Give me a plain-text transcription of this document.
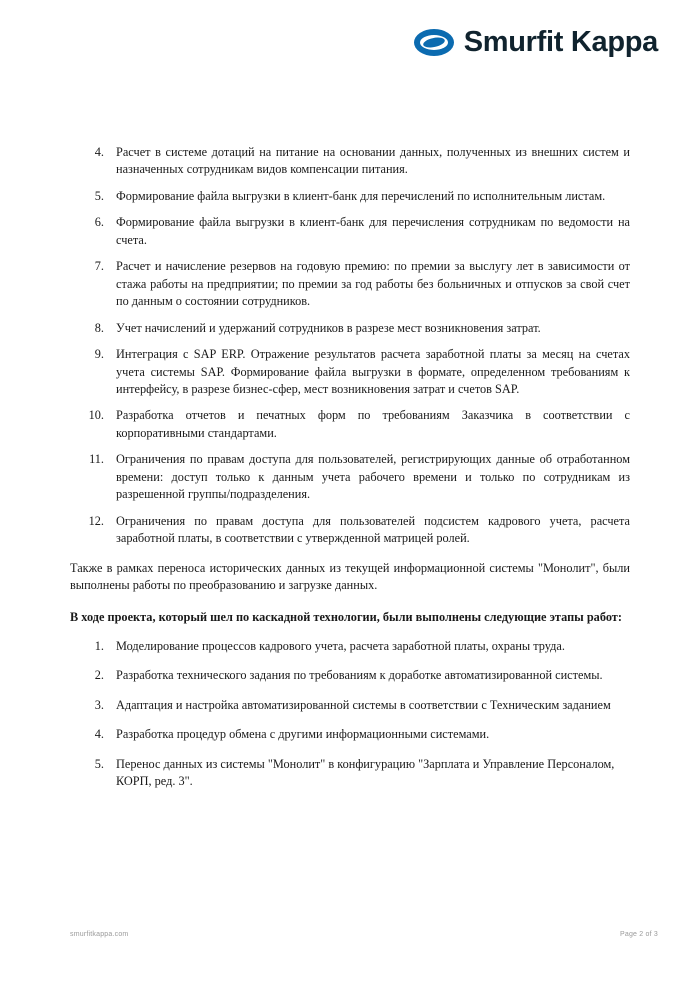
Smurfit Kappa
4. Расчет в системе дотаций на питание на основании данных, полученных из внешних систем и назначенных сотрудникам видов компенсации питания.
5. Формирование файла выгрузки в клиент-банк для перечислений по исполнительным листам.
6. Формирование файла выгрузки в клиент-банк для перечисления сотрудникам по ведомости на счета.
7. Расчет и начисление резервов на годовую премию: по премии за выслугу лет в зависимости от стажа работы на предприятии; по премии за год работы без больничных и отпусков за свой счет по данным о состоянии сотрудников.
8. Учет начислений и удержаний сотрудников в разрезе мест возникновения затрат.
9. Интеграция с SAP ERP. Отражение результатов расчета заработной платы за месяц на счетах учета системы SAP. Формирование файла выгрузки в формате, определенном требованиям к интерфейсу, в разрезе бизнес-сфер, мест возникновения затрат и счетов SAP.
10. Разработка отчетов и печатных форм по требованиям Заказчика в соответствии с корпоративными стандартами.
11. Ограничения по правам доступа для пользователей, регистрирующих данные об отработанном времени: доступ только к данным учета рабочего времени и только по сотрудникам из разрешенной группы/подразделения.
12. Ограничения по правам доступа для пользователей подсистем кадрового учета, расчета заработной платы, в соответствии с утвержденной матрицей ролей.

Также в рамках переноса исторических данных из текущей информационной системы "Монолит", были выполнены работы по преобразованию и загрузке данных.

В ходе проекта, который шел по каскадной технологии, были выполнены следующие этапы работ:

1. Моделирование процессов кадрового учета, расчета заработной платы, охраны труда.
2. Разработка технического задания по требованиям к доработке автоматизированной системы.
3. Адаптация и настройка автоматизированной системы в соответствии с Техническим заданием
4. Разработка процедур обмена с другими информационными системами.
5. Перенос данных из системы "Монолит" в конфигурацию "Зарплата и Управление Персоналом, КОРП, ред. 3".
smurfitkappa.com	Page 2 of 3
